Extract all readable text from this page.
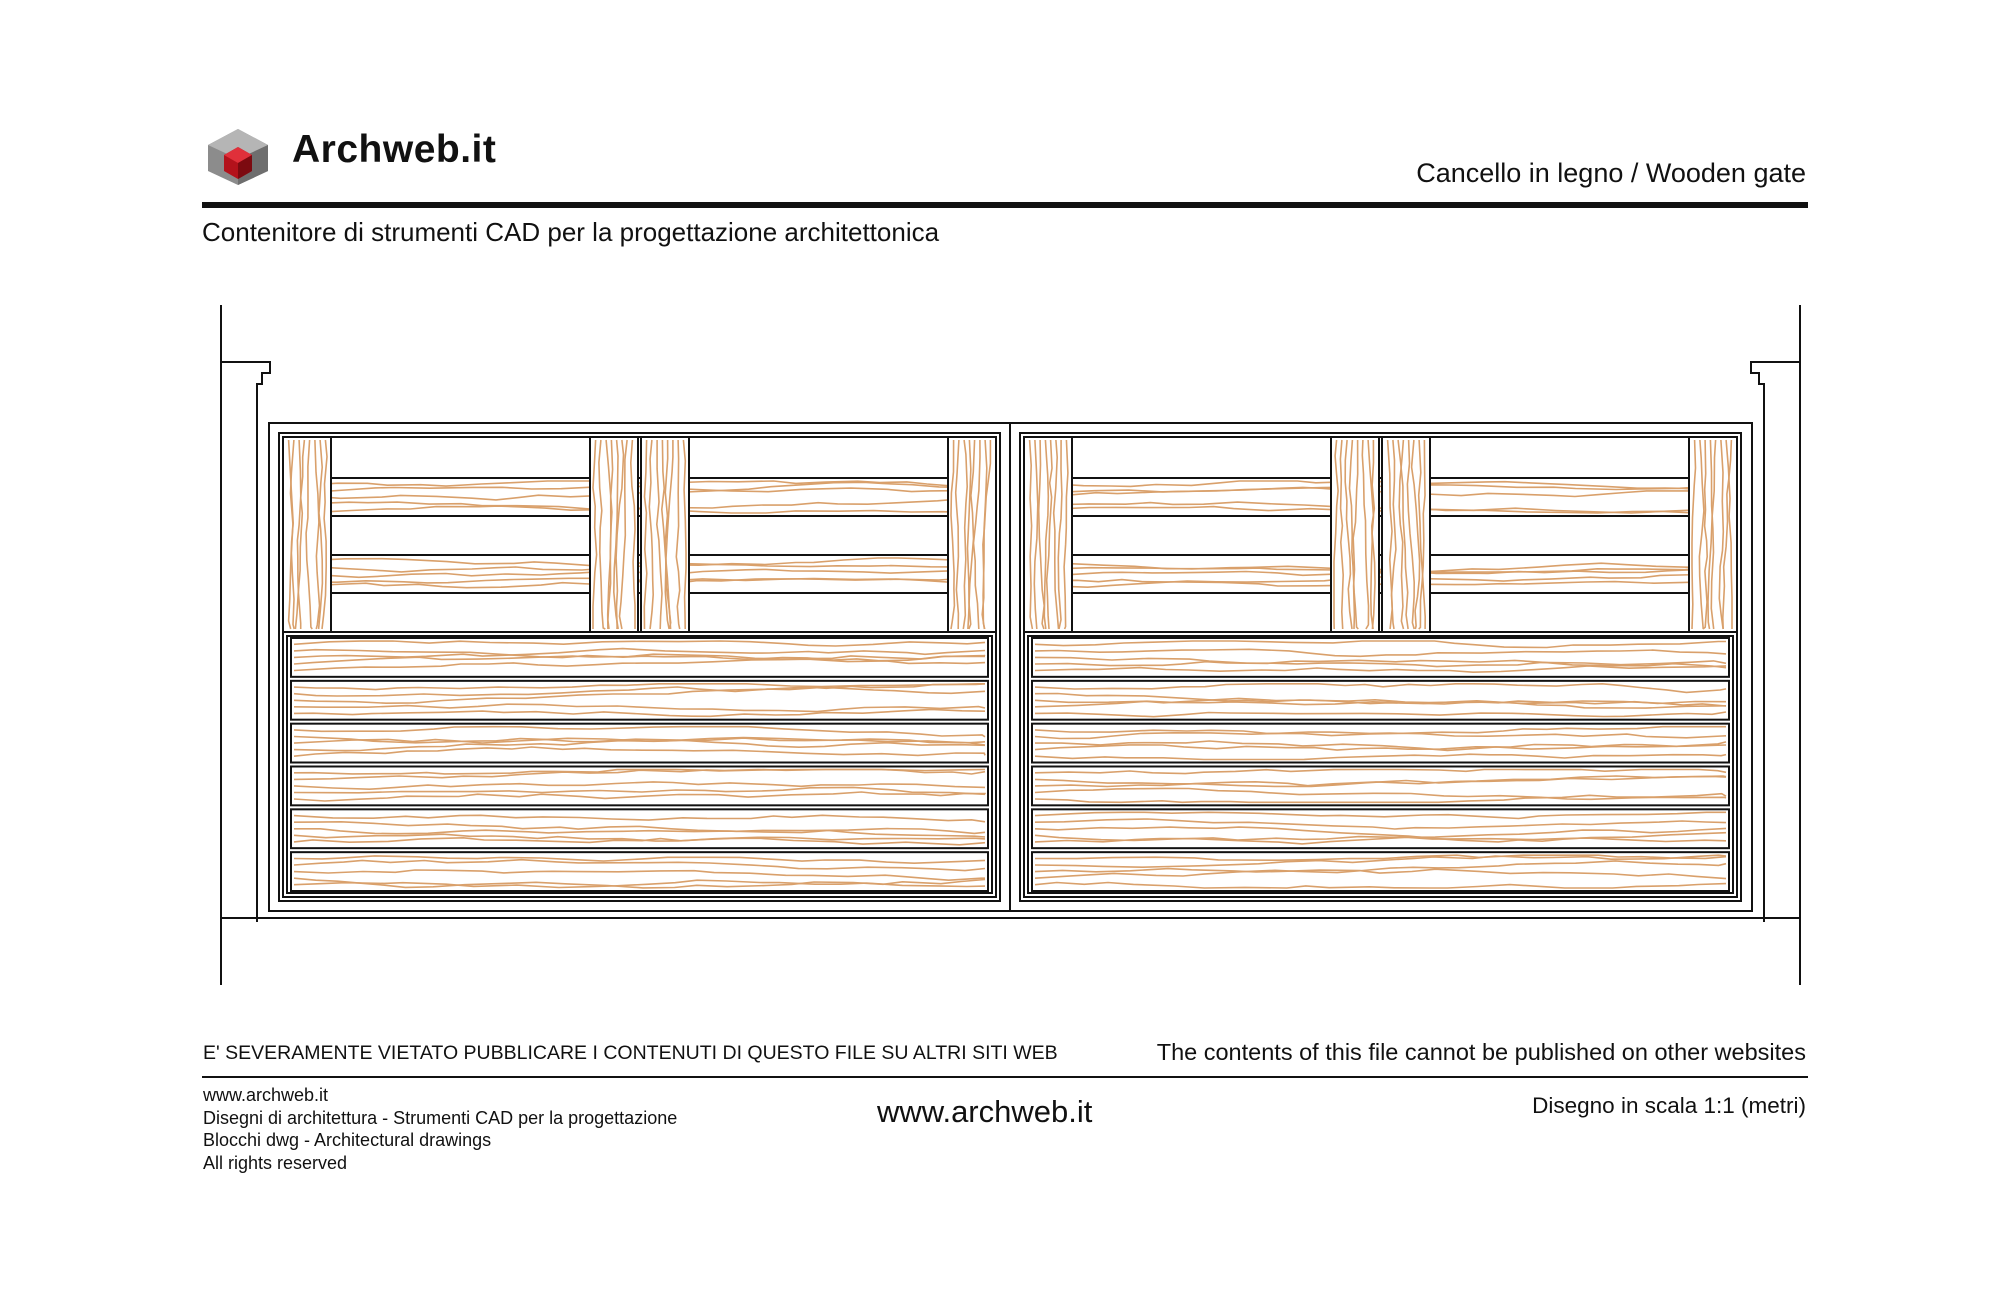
Archweb.it
Cancello in legno / Wooden gate
Contenitore di strumenti CAD per la progettazione architettonica
E' SEVERAMENTE VIETATO PUBBLICARE I CONTENUTI DI QUESTO FILE SU ALTRI SITI WEB	The contents of this file cannot be published on other websites
www.archweb.it
Disegni di architettura - Strumenti CAD per la progettazione
Blocchi dwg - Architectural drawings
All rights reserved
www.archweb.it	Disegno in scala 1:1 (metri)
